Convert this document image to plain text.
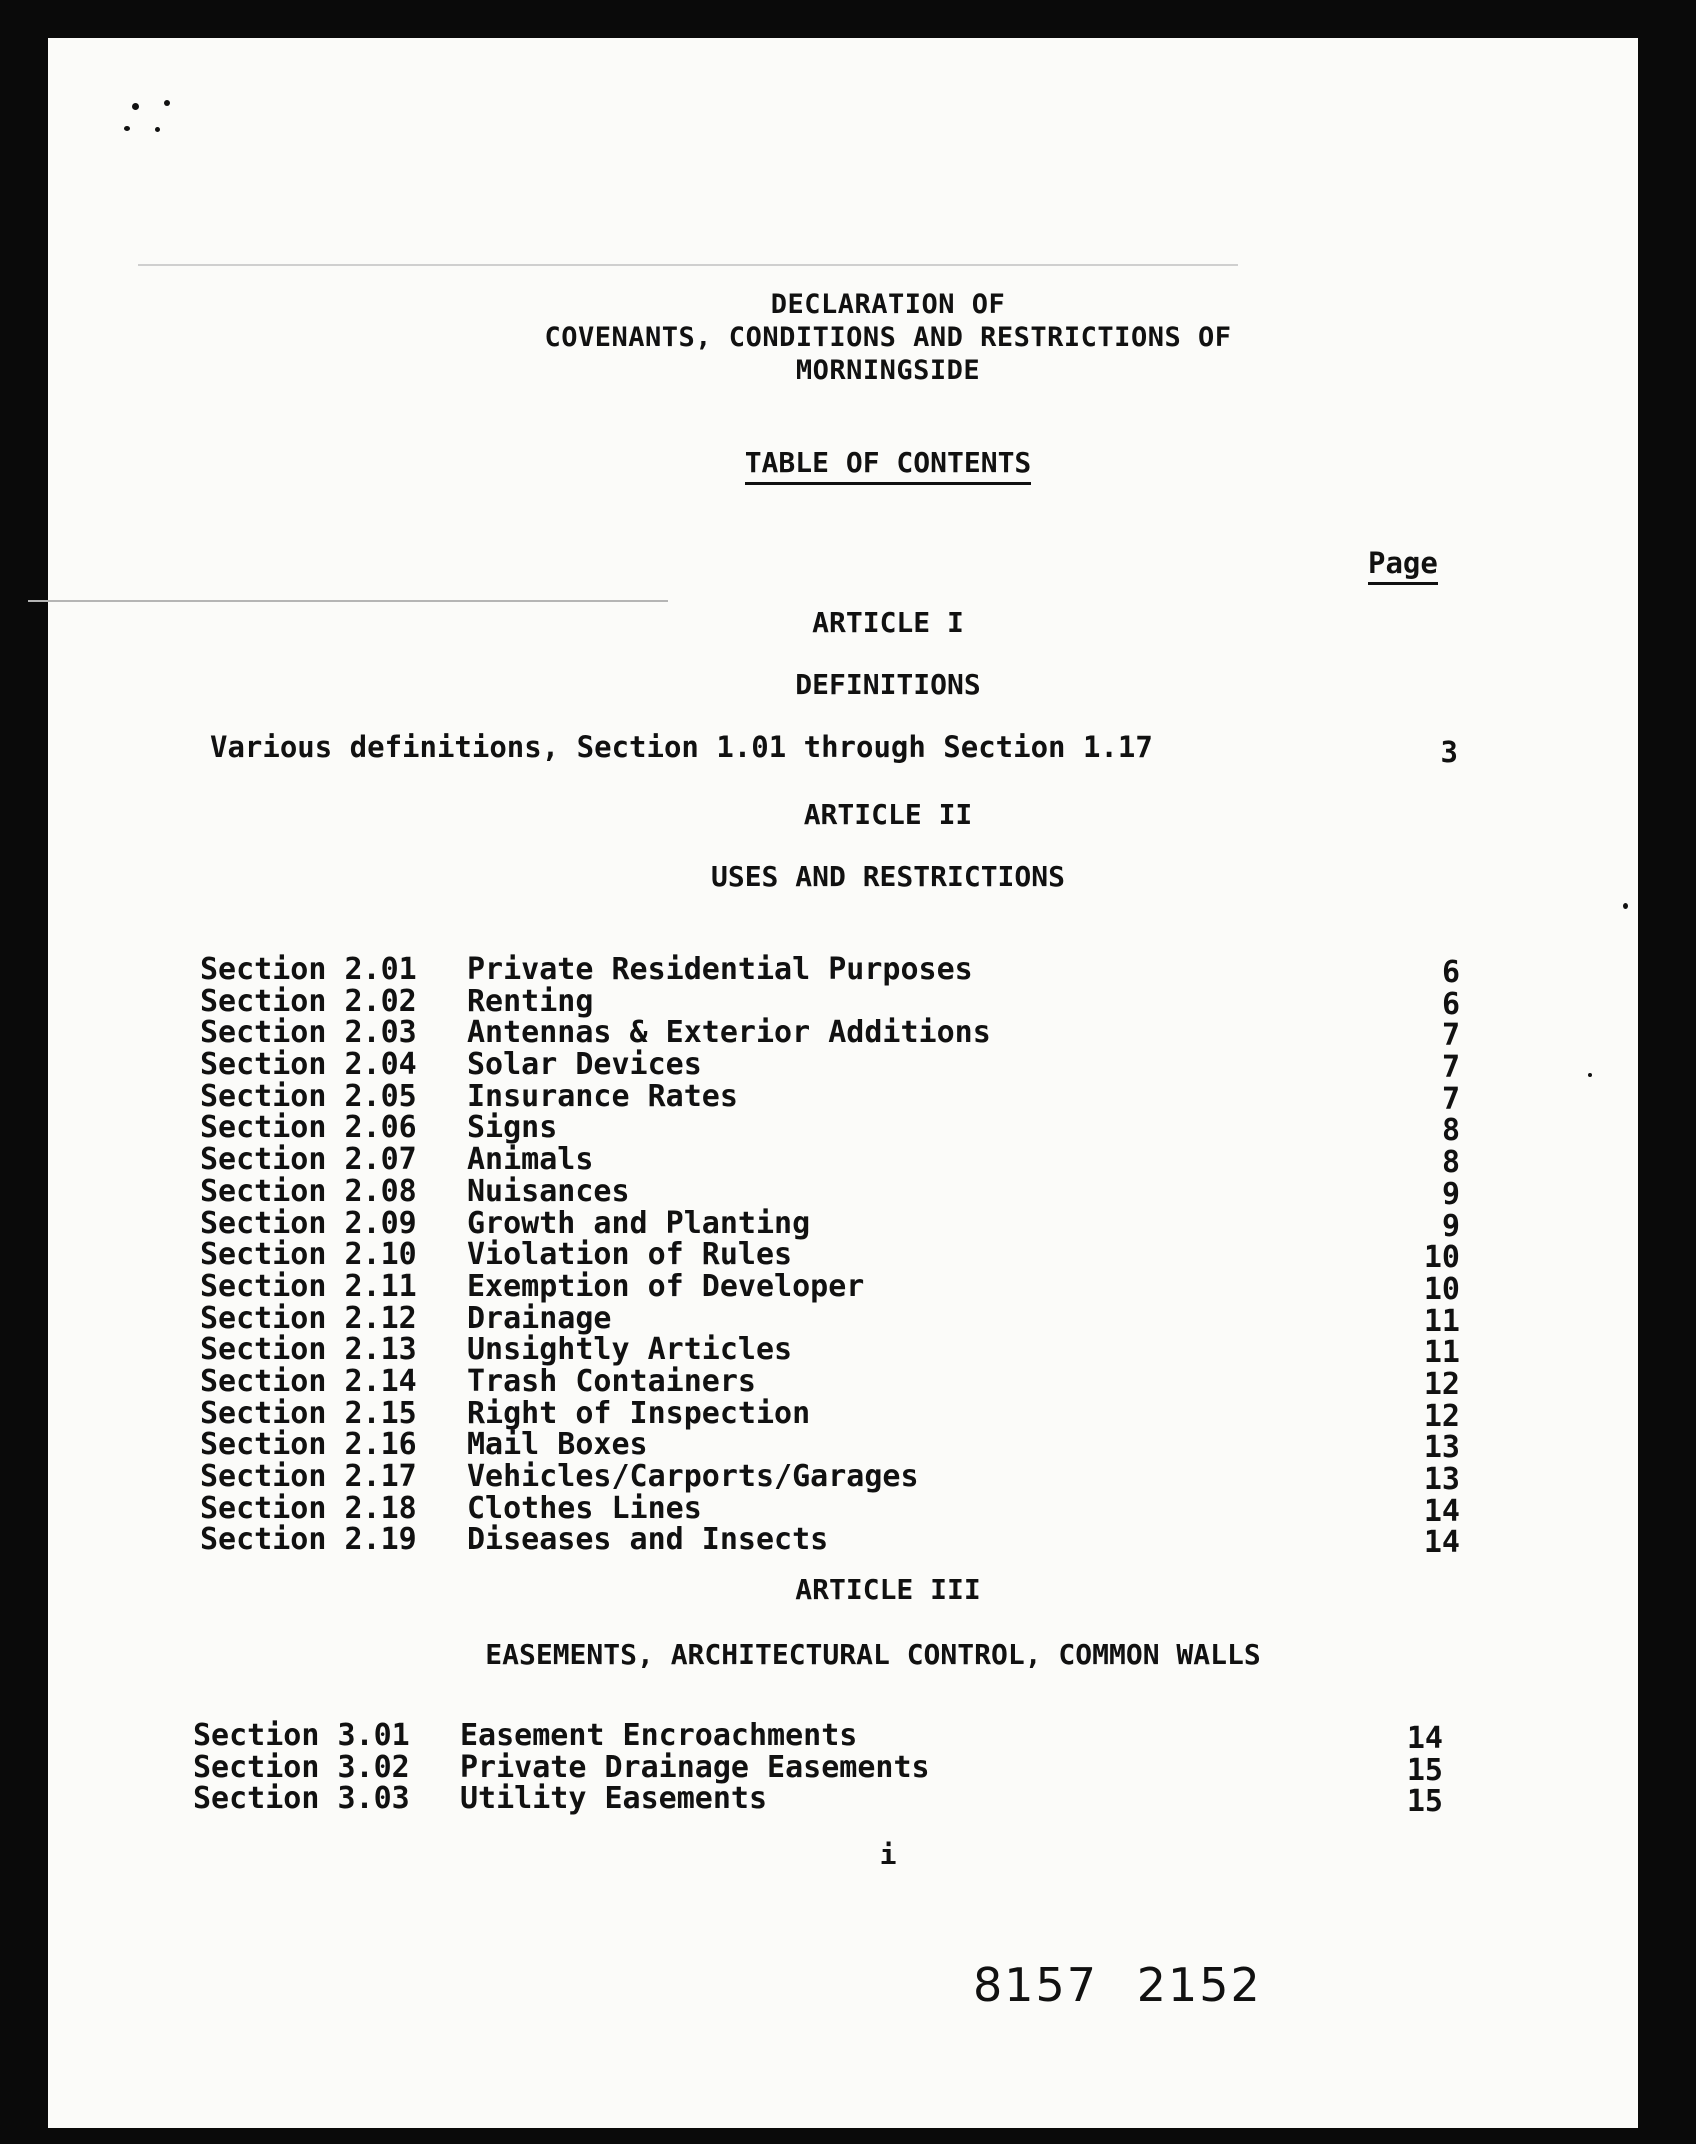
DECLARATION OF
COVENANTS, CONDITIONS AND RESTRICTIONS OF
MORNINGSIDE
TABLE OF CONTENTS
Page
ARTICLE I
DEFINITIONS
Various definitions, Section 1.01 through Section 1.17	3
ARTICLE II
USES AND RESTRICTIONS
Section 2.01 Private Residential Purposes	6
Section 2.02 Renting	6
Section 2.03 Antennas & Exterior Additions	7
Section 2.04 Solar Devices	7
Section 2.05 Insurance Rates	7
Section 2.06 Signs	8
Section 2.07 Animals	8
Section 2.08 Nuisances	9
Section 2.09 Growth and Planting	9
Section 2.10 Violation of Rules	10
Section 2.11 Exemption of Developer	10
Section 2.12 Drainage	11
Section 2.13 Unsightly Articles	11
Section 2.14 Trash Containers	12
Section 2.15 Right of Inspection	12
Section 2.16 Mail Boxes	13
Section 2.17 Vehicles/Carports/Garages	13
Section 2.18 Clothes Lines	14
Section 2.19 Diseases and Insects	14
ARTICLE III
EASEMENTS, ARCHITECTURAL CONTROL, COMMON WALLS
Section 3.01 Easement Encroachments	14
Section 3.02 Private Drainage Easements	15
Section 3.03 Utility Easements	15
i
8157 2152
